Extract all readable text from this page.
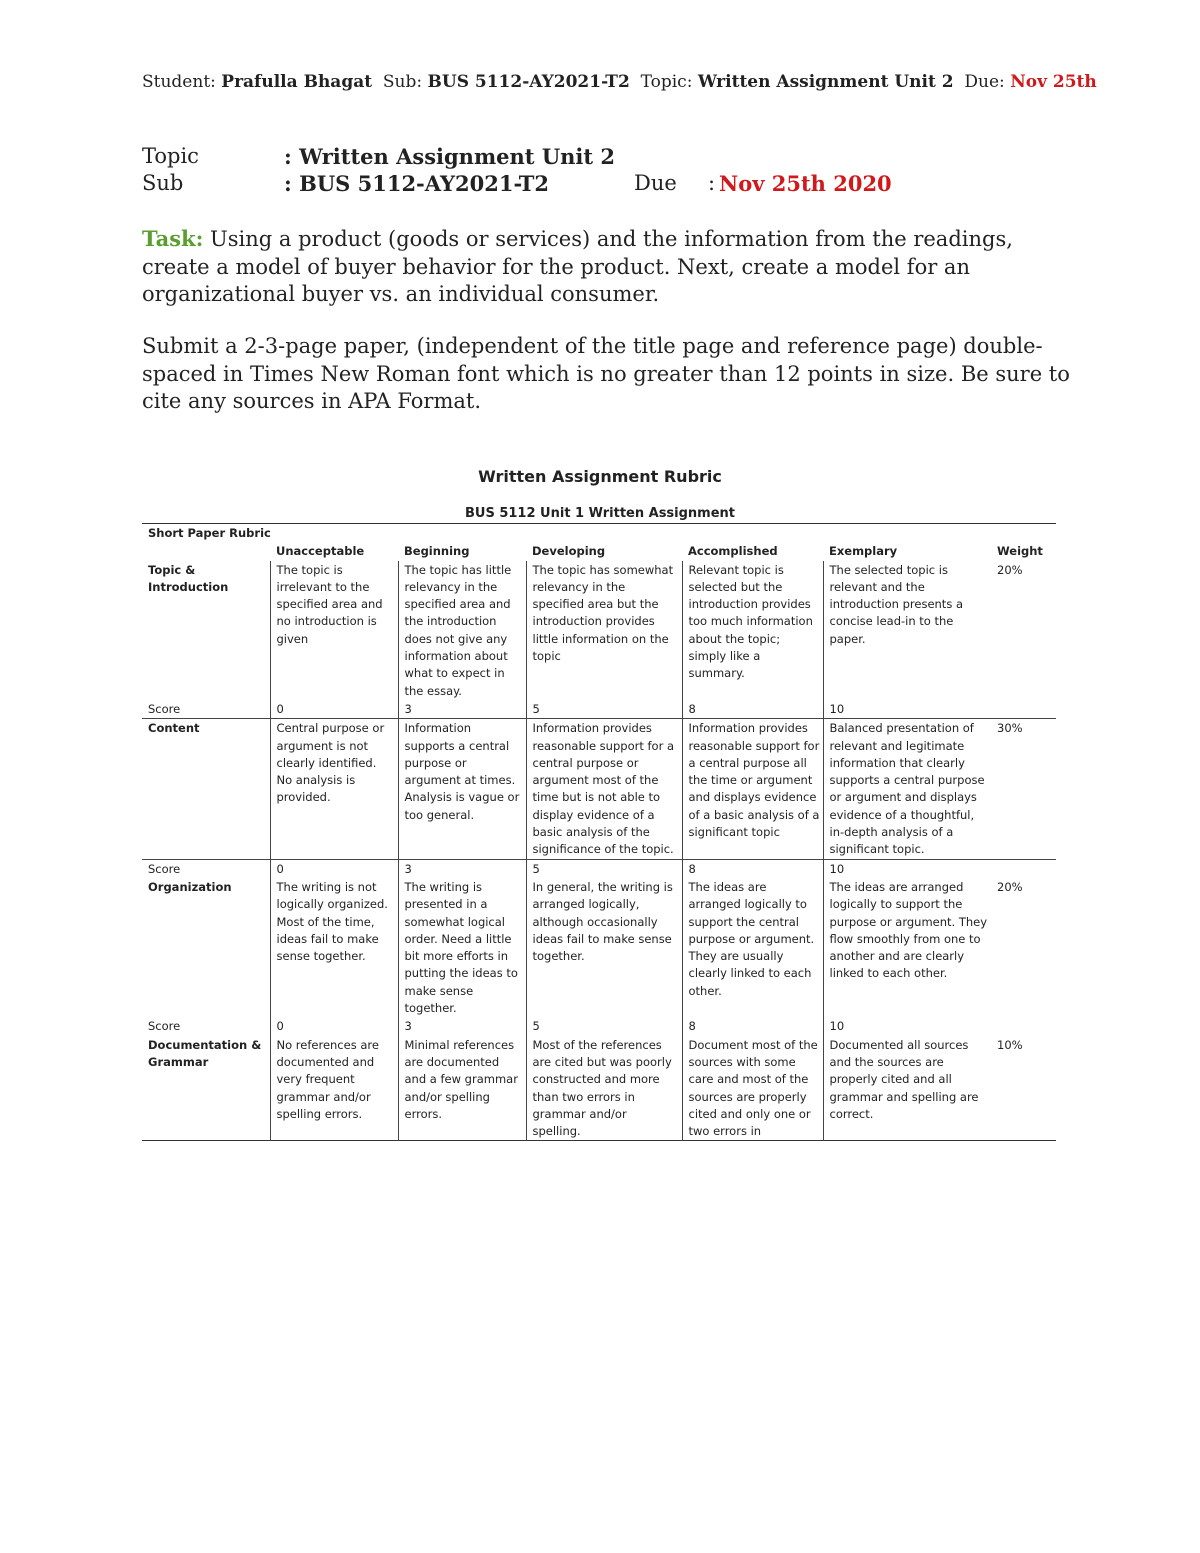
Student: Prafulla Bhagat Sub: BUS 5112-AY2021-T2 Topic: Written Assignment Unit 2 Due: Nov 25th
Topic	: Written Assignment Unit 2
Sub	: BUS 5112-AY2021-T2	Due : Nov 25th 2020
Task: Using a product (goods or services) and the information from the readings, create a model of buyer behavior for the product. Next, create a model for an organizational buyer vs. an individual consumer.
Submit a 2-3-page paper, (independent of the title page and reference page) double-spaced in Times New Roman font which is no greater than 12 points in size. Be sure to cite any sources in APA Format.
Written Assignment Rubric
BUS 5112 Unit 1 Written Assignment
Short Paper Rubric						
	Unacceptable	Beginning	Developing	Accomplished	Exemplary	Weight
Topic & Introduction	The topic is irrelevant to the specified area and no introduction is given	The topic has little relevancy in the specified area and the introduction does not give any information about what to expect in the essay.	The topic has somewhat relevancy in the specified area but the introduction provides little information on the topic	Relevant topic is selected but the introduction provides too much information about the topic; simply like a summary.	The selected topic is relevant and the introduction presents a concise lead-in to the paper.	20%
Score	0	3	5	8	10	
Content	Central purpose or argument is not clearly identified. No analysis is provided.	Information supports a central purpose or argument at times. Analysis is vague or too general.	Information provides reasonable support for a central purpose or argument most of the time but is not able to display evidence of a basic analysis of the significance of the topic.	Information provides reasonable support for a central purpose all the time or argument and displays evidence of a basic analysis of a significant topic	Balanced presentation of relevant and legitimate information that clearly supports a central purpose or argument and displays evidence of a thoughtful, in-depth analysis of a significant topic.	30%
Score	0	3	5	8	10	
Organization	The writing is not logically organized. Most of the time, ideas fail to make sense together.	The writing is presented in a somewhat logical order. Need a little bit more efforts in putting the ideas to make sense together.	In general, the writing is arranged logically, although occasionally ideas fail to make sense together.	The ideas are arranged logically to support the central purpose or argument. They are usually clearly linked to each other.	The ideas are arranged logically to support the purpose or argument. They flow smoothly from one to another and are clearly linked to each other.	20%
Score	0	3	5	8	10	
Documentation & Grammar	No references are documented and very frequent grammar and/or spelling errors.	Minimal references are documented and a few grammar and/or spelling errors.	Most of the references are cited but was poorly constructed and more than two errors in grammar and/or spelling.	Document most of the sources with some care and most of the sources are properly cited and only one or two errors in	Documented all sources and the sources are properly cited and all grammar and spelling are correct.	10%
